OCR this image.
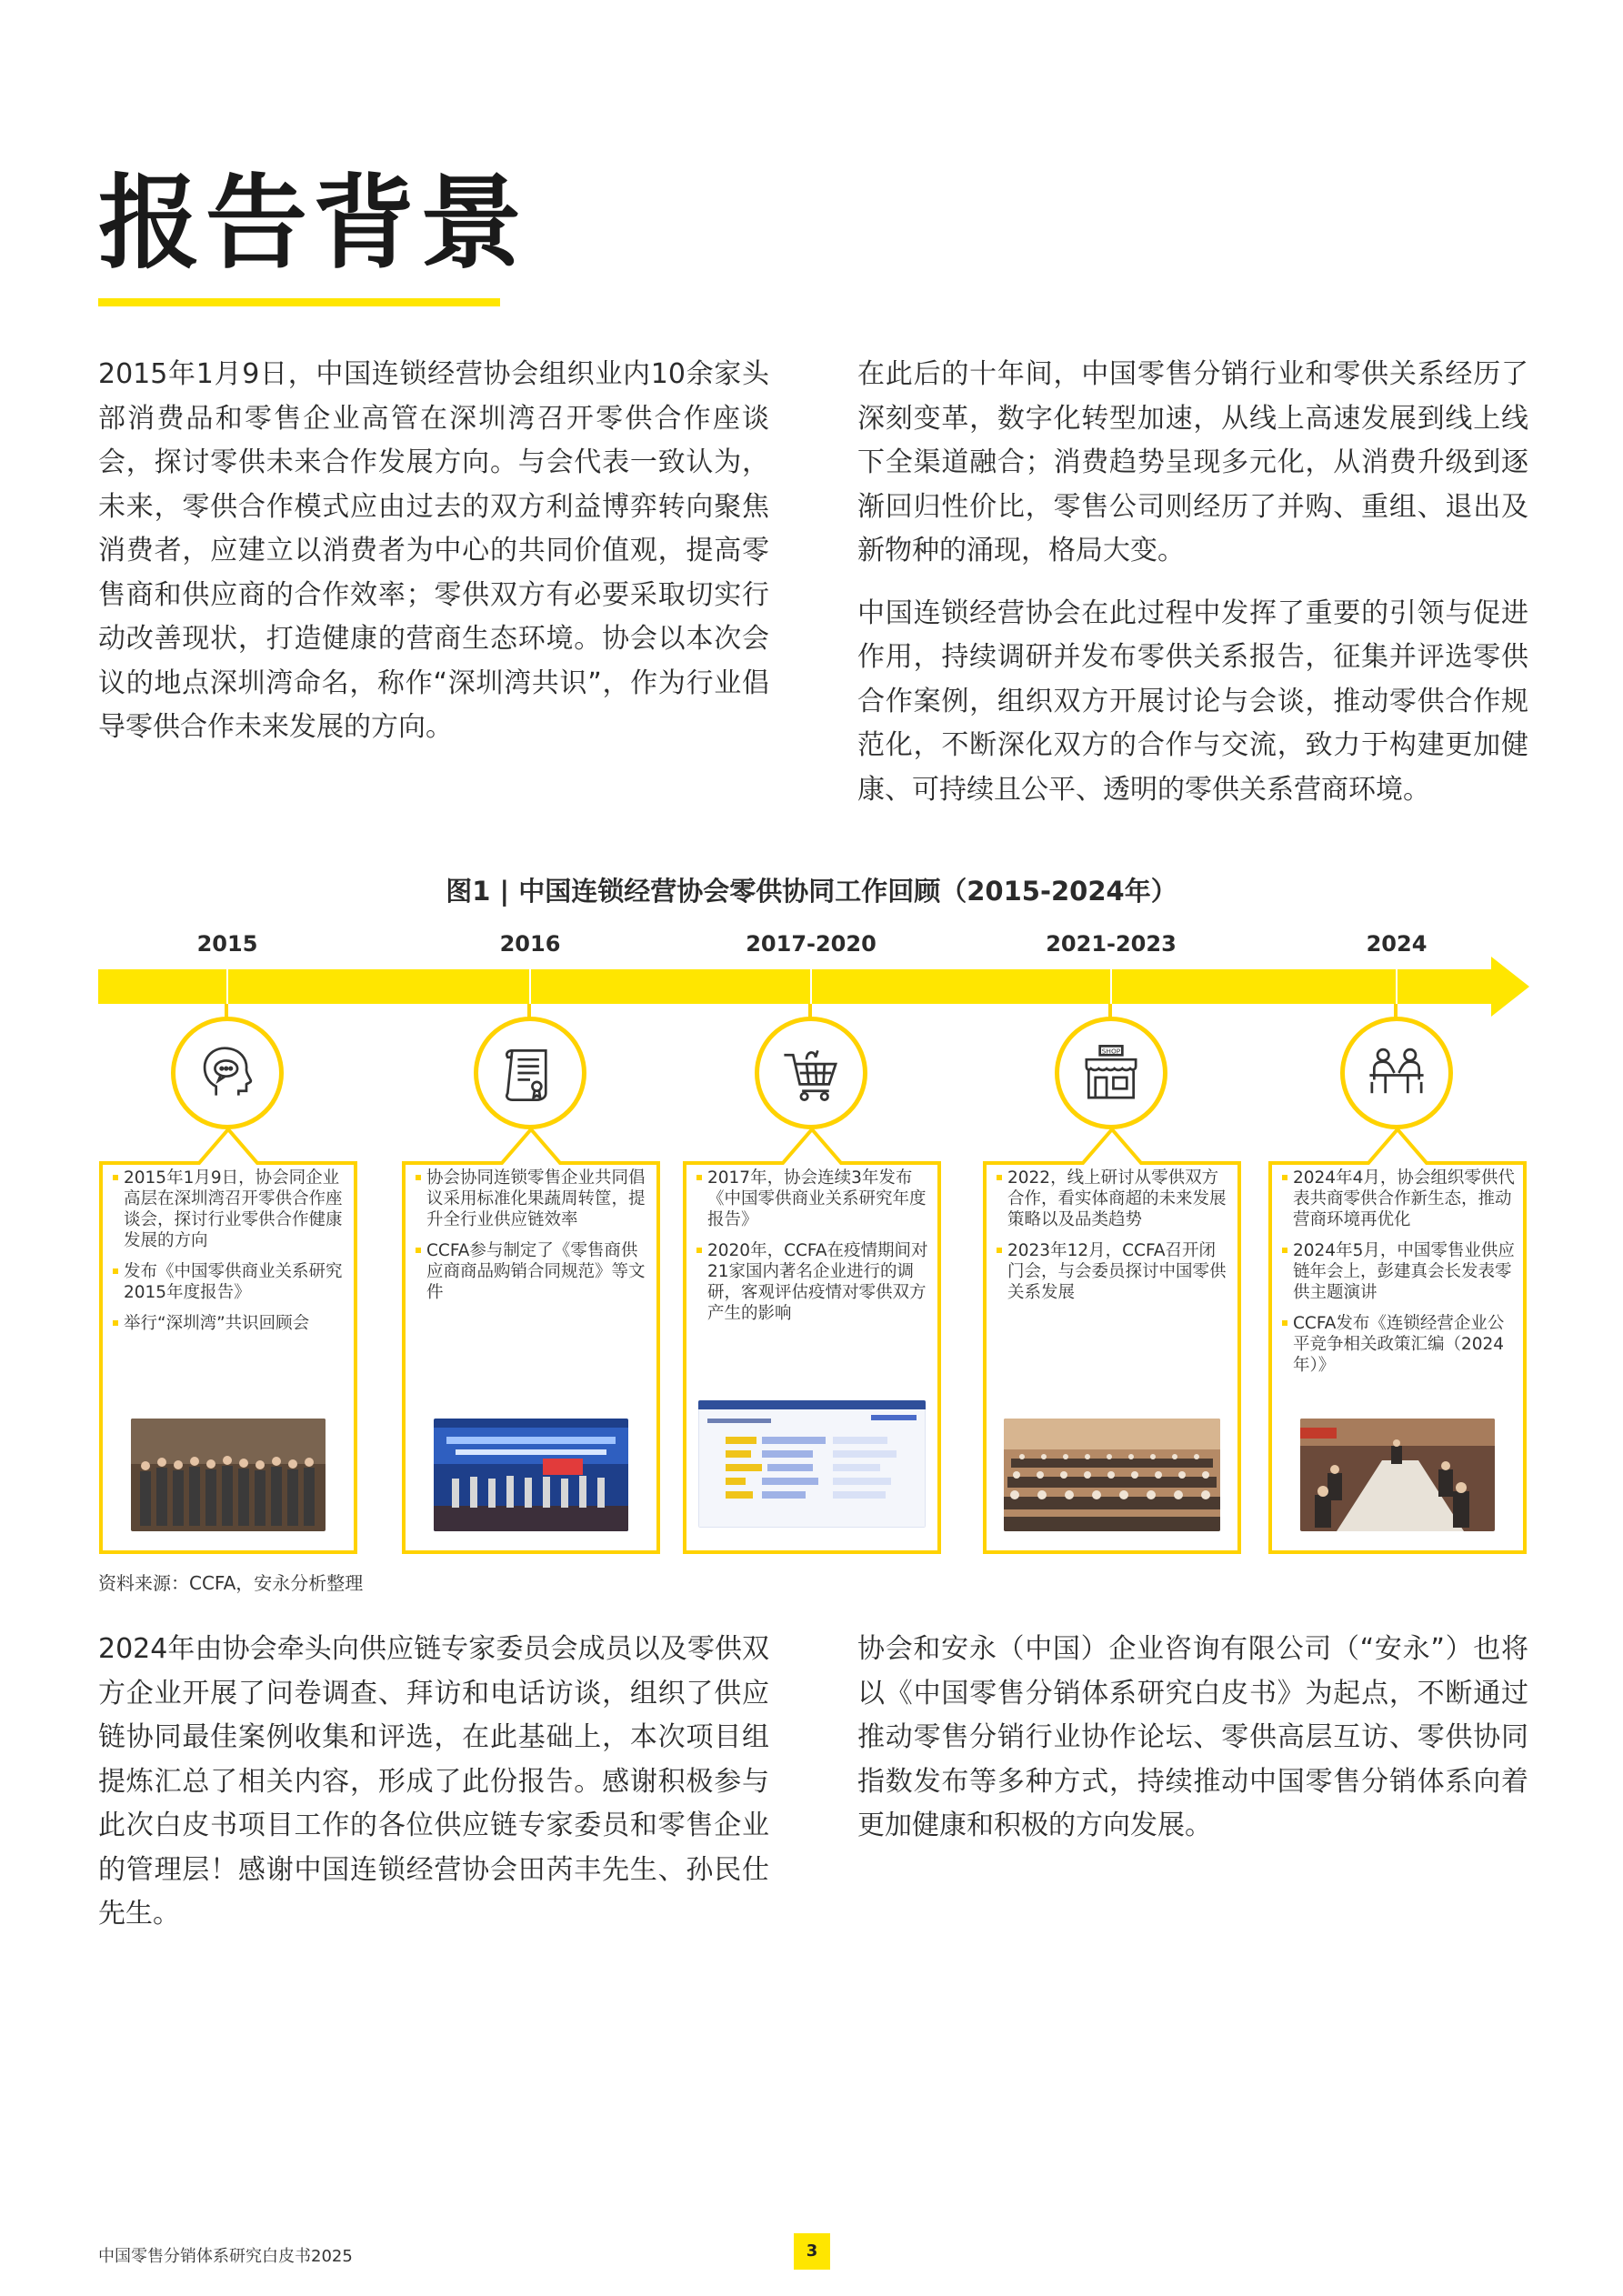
报告背景

2015年1月9日，中国连锁经营协会组织业内10余家头部消费品和零售企业高管在深圳湾召开零供合作座谈会，探讨零供未来合作发展方向。与会代表一致认为，未来，零供合作模式应由过去的双方利益博弈转向聚焦消费者，应建立以消费者为中心的共同价值观，提高零售商和供应商的合作效率；零供双方有必要采取切实行动改善现状，打造健康的营商生态环境。协会以本次会议的地点深圳湾命名，称作“深圳湾共识”，作为行业倡导零供合作未来发展的方向。

在此后的十年间，中国零售分销行业和零供关系经历了深刻变革，数字化转型加速，从线上高速发展到线上线下全渠道融合；消费趋势呈现多元化，从消费升级到逐渐回归性价比，零售公司则经历了并购、重组、退出及新物种的涌现，格局大变。

中国连锁经营协会在此过程中发挥了重要的引领与促进作用，持续调研并发布零供关系报告，征集并评选零供合作案例，组织双方开展讨论与会谈，推动零供合作规范化，不断深化双方的合作与交流，致力于构建更加健康、可持续且公平、透明的零供关系营商环境。

图1 | 中国连锁经营协会零供协同工作回顾（2015-2024年）
2015
2015年1月9日，协会同企业高层在深圳湾召开零供合作座谈会，探讨行业零供合作健康发展的方向
发布《中国零供商业关系研究 2015年度报告》
举行“深圳湾”共识回顾会
2016
协会协同连锁零售企业共同倡议采用标准化果蔬周转筐，提升全行业供应链效率
CCFA参与制定了《零售商供应商商品购销合同规范》等文件
2017-2020
2017年，协会连续3年发布《中国零供商业关系研究年度报告》
2020年，CCFA在疫情期间对21家国内著名企业进行的调研，客观评估疫情对零供双方产生的影响
2021-2023
SHOP
2022，线上研讨从零供双方合作，看实体商超的未来发展策略以及品类趋势
2023年12月，CCFA召开闭门会，与会委员探讨中国零供关系发展
2024
2024年4月，协会组织零供代表共商零供合作新生态，推动营商环境再优化
2024年5月，中国零售业供应链年会上，彭建真会长发表零供主题演讲
CCFA发布《连锁经营企业公平竞争相关政策汇编（2024年）》
资料来源：CCFA，安永分析整理

2024年由协会牵头向供应链专家委员会成员以及零供双方企业开展了问卷调查、拜访和电话访谈，组织了供应链协同最佳案例收集和评选，在此基础上，本次项目组提炼汇总了相关内容，形成了此份报告。感谢积极参与此次白皮书项目工作的各位供应链专家委员和零售企业的管理层！感谢中国连锁经营协会田芮丰先生、孙民仕先生。

协会和安永（中国）企业咨询有限公司（“安永”）也将以《中国零售分销体系研究白皮书》为起点，不断通过推动零售分销行业协作论坛、零供高层互访、零供协同指数发布等多种方式，持续推动中国零售分销体系向着更加健康和积极的方向发展。

中国零售分销体系研究白皮书2025	3
